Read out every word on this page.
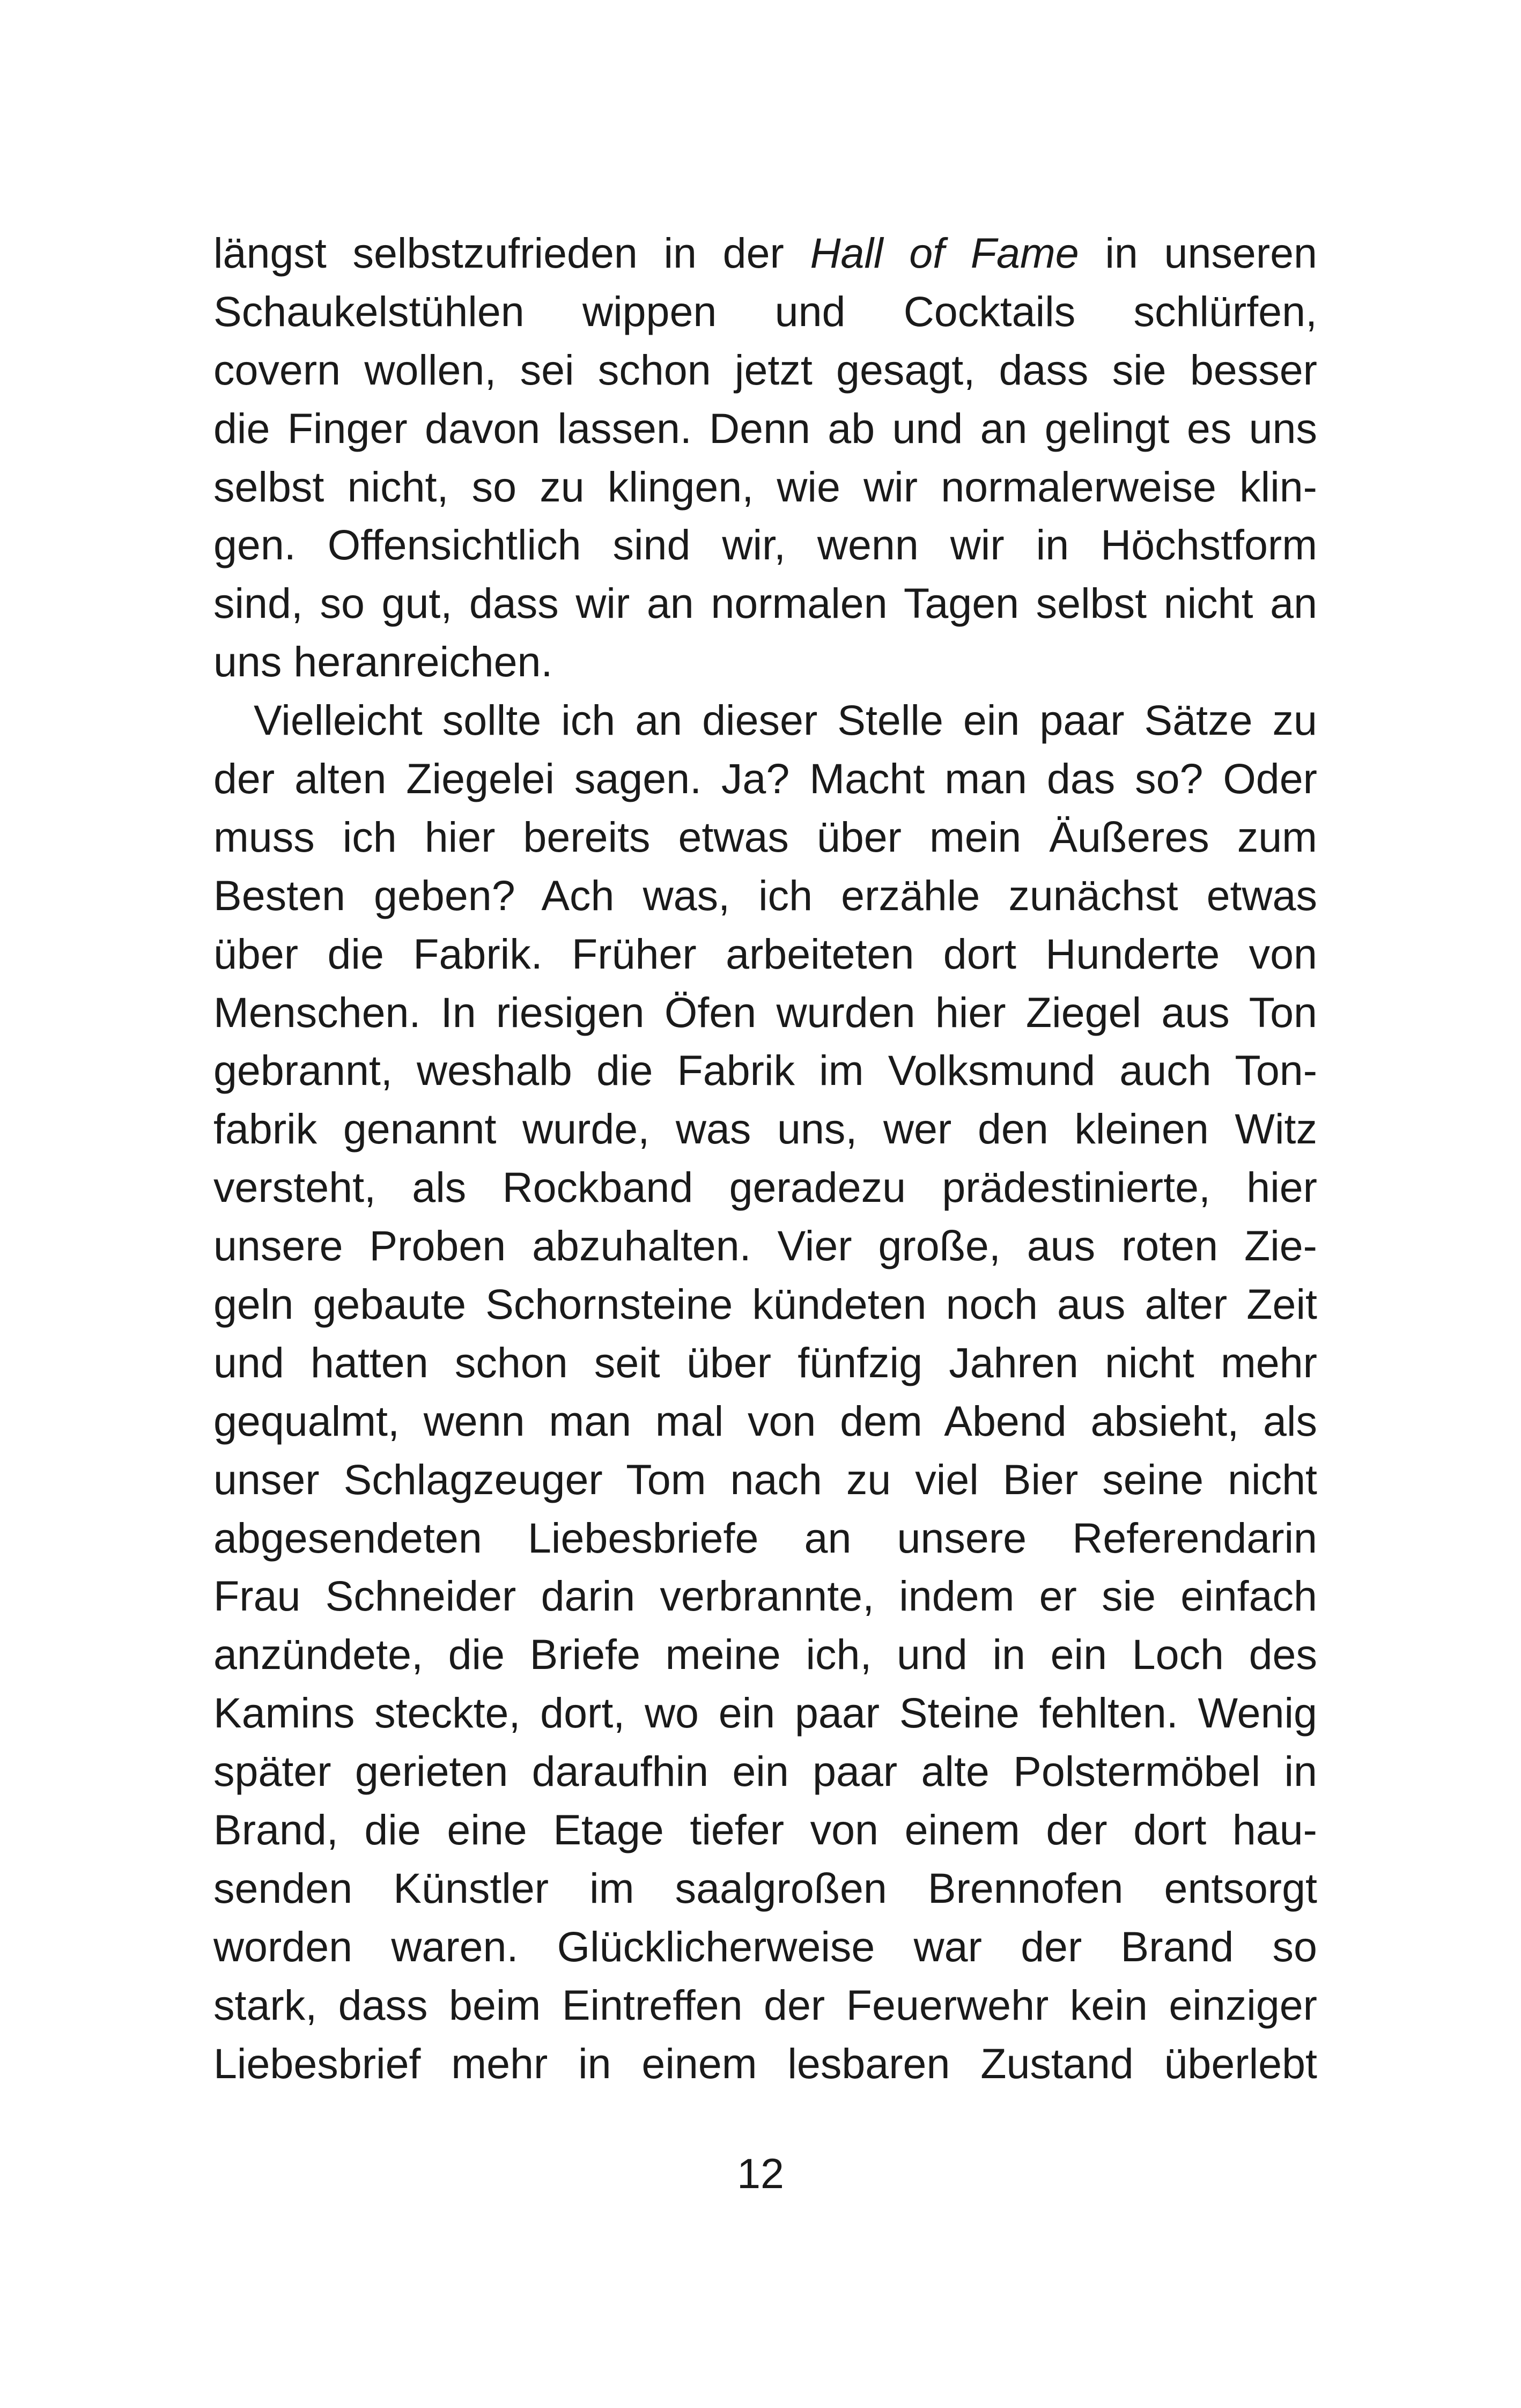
längst selbstzufrieden in der Hall of Fame in unseren
Schaukelstühlen wippen und Cocktails schlürfen,
covern wollen, sei schon jetzt gesagt, dass sie besser
die Finger davon lassen. Denn ab und an gelingt es uns
selbst nicht, so zu klingen, wie wir normalerweise klin-
gen. Offensichtlich sind wir, wenn wir in Höchstform
sind, so gut, dass wir an normalen Tagen selbst nicht an
uns heranreichen.
Vielleicht sollte ich an dieser Stelle ein paar Sätze zu
der alten Ziegelei sagen. Ja? Macht man das so? Oder
muss ich hier bereits etwas über mein Äußeres zum
Besten geben? Ach was, ich erzähle zunächst etwas
über die Fabrik. Früher arbeiteten dort Hunderte von
Menschen. In riesigen Öfen wurden hier Ziegel aus Ton
gebrannt, weshalb die Fabrik im Volksmund auch Ton-
fabrik genannt wurde, was uns, wer den kleinen Witz
versteht, als Rockband geradezu prädestinierte, hier
unsere Proben abzuhalten. Vier große, aus roten Zie-
geln gebaute Schornsteine kündeten noch aus alter Zeit
und hatten schon seit über fünfzig Jahren nicht mehr
gequalmt, wenn man mal von dem Abend absieht, als
unser Schlagzeuger Tom nach zu viel Bier seine nicht
abgesendeten Liebesbriefe an unsere Referendarin
Frau Schneider darin verbrannte, indem er sie einfach
anzündete, die Briefe meine ich, und in ein Loch des
Kamins steckte, dort, wo ein paar Steine fehlten. Wenig
später gerieten daraufhin ein paar alte Polstermöbel in
Brand, die eine Etage tiefer von einem der dort hau-
senden Künstler im saalgroßen Brennofen entsorgt
worden waren. Glücklicherweise war der Brand so
stark, dass beim Eintreffen der Feuerwehr kein einziger
Liebesbrief mehr in einem lesbaren Zustand überlebt
12
